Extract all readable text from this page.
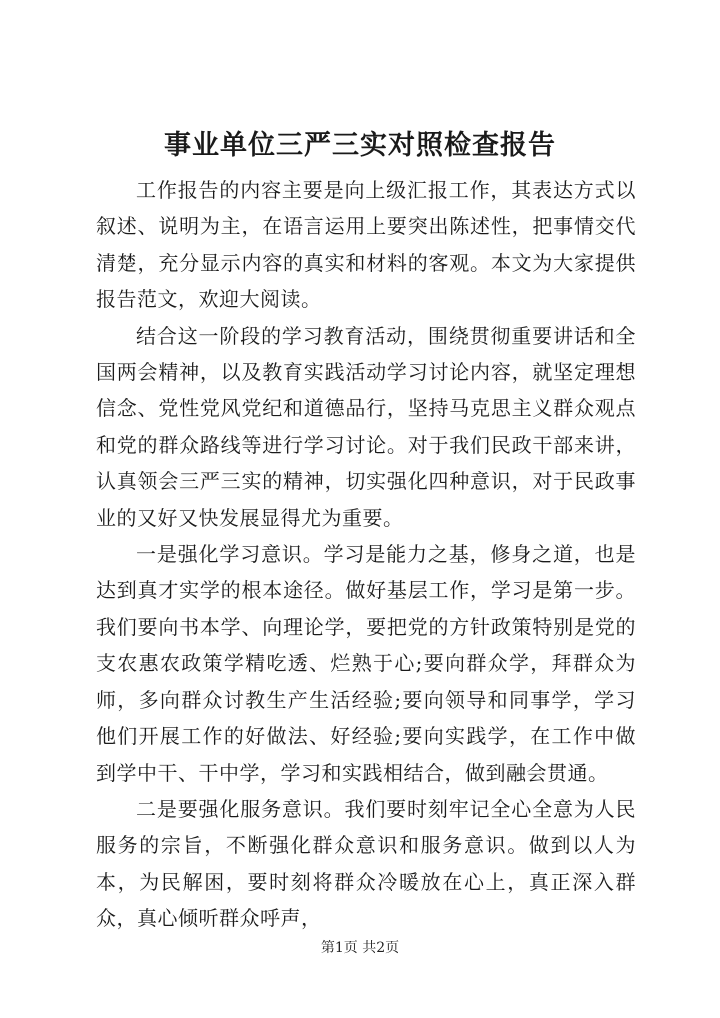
事业单位三严三实对照检查报告

工作报告的内容主要是向上级汇报工作，其表达方式以叙述、说明为主，在语言运用上要突出陈述性，把事情交代清楚，充分显示内容的真实和材料的客观。本文为大家提供报告范文，欢迎大阅读。

结合这一阶段的学习教育活动，围绕贯彻重要讲话和全国两会精神，以及教育实践活动学习讨论内容，就坚定理想信念、党性党风党纪和道德品行，坚持马克思主义群众观点和党的群众路线等进行学习讨论。对于我们民政干部来讲，认真领会三严三实的精神，切实强化四种意识，对于民政事业的又好又快发展显得尤为重要。

一是强化学习意识。学习是能力之基，修身之道，也是达到真才实学的根本途径。做好基层工作，学习是第一步。我们要向书本学、向理论学，要把党的方针政策特别是党的支农惠农政策学精吃透、烂熟于心;要向群众学，拜群众为师，多向群众讨教生产生活经验;要向领导和同事学，学习他们开展工作的好做法、好经验;要向实践学，在工作中做到学中干、干中学，学习和实践相结合，做到融会贯通。

二是要强化服务意识。我们要时刻牢记全心全意为人民服务的宗旨，不断强化群众意识和服务意识。做到以人为本，为民解困，要时刻将群众冷暖放在心上，真正深入群众，真心倾听群众呼声，

第1页 共2页
